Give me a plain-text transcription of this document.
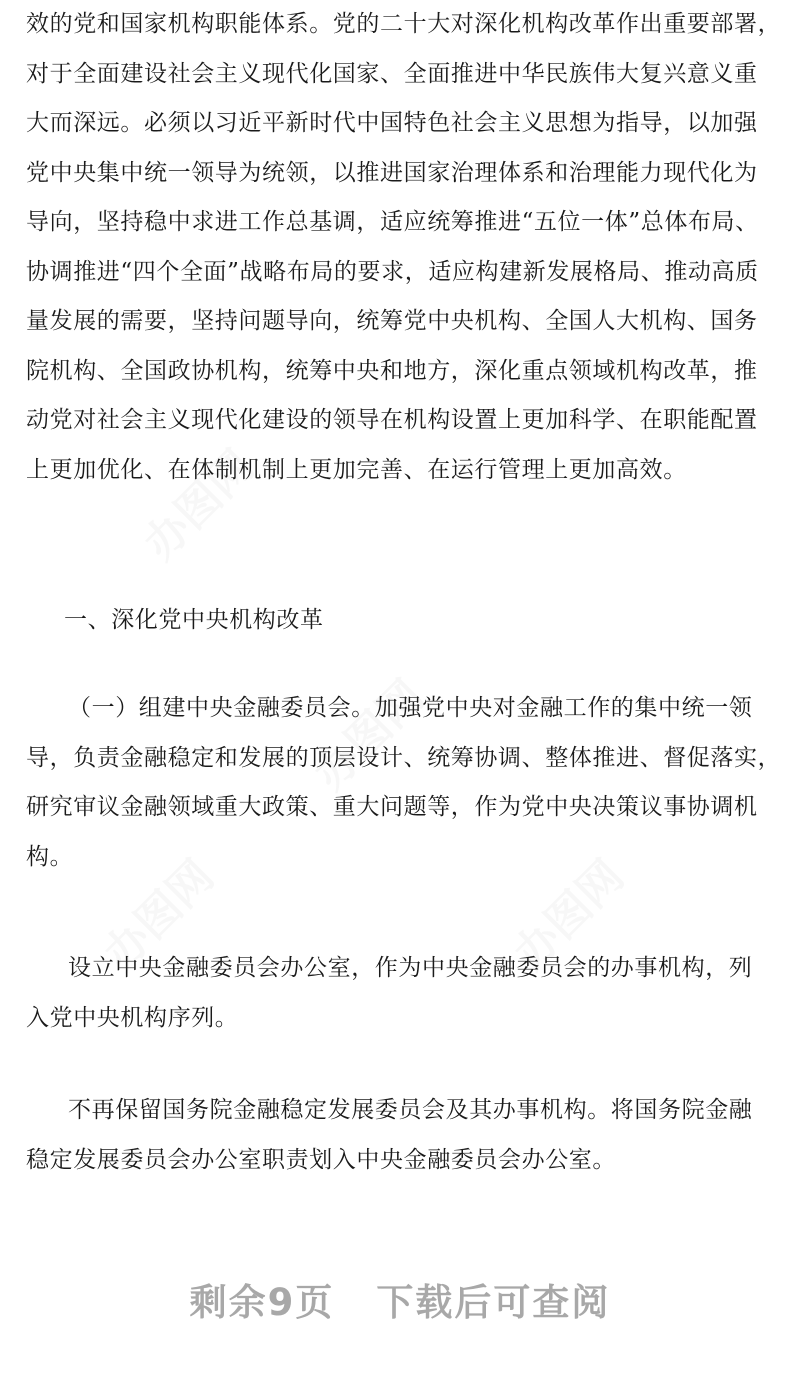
办图网
办图网
办图网	办图网
效的党和国家机构职能体系。党的二十大对深化机构改革作出重要部署，
对于全面建设社会主义现代化国家、全面推进中华民族伟大复兴意义重
大而深远。必须以习近平新时代中国特色社会主义思想为指导，以加强
党中央集中统一领导为统领，以推进国家治理体系和治理能力现代化为
导向，坚持稳中求进工作总基调，适应统筹推进“五位一体”总体布局、
协调推进“四个全面”战略布局的要求，适应构建新发展格局、推动高质
量发展的需要，坚持问题导向，统筹党中央机构、全国人大机构、国务
院机构、全国政协机构，统筹中央和地方，深化重点领域机构改革，推
动党对社会主义现代化建设的领导在机构设置上更加科学、在职能配置
上更加优化、在体制机制上更加完善、在运行管理上更加高效。
一、深化党中央机构改革
（一）组建中央金融委员会。加强党中央对金融工作的集中统一领
导，负责金融稳定和发展的顶层设计、统筹协调、整体推进、督促落实，
研究审议金融领域重大政策、重大问题等，作为党中央决策议事协调机
构。
设立中央金融委员会办公室，作为中央金融委员会的办事机构，列
入党中央机构序列。
不再保留国务院金融稳定发展委员会及其办事机构。将国务院金融
稳定发展委员会办公室职责划入中央金融委员会办公室。
剩余9页 下载后可查阅
